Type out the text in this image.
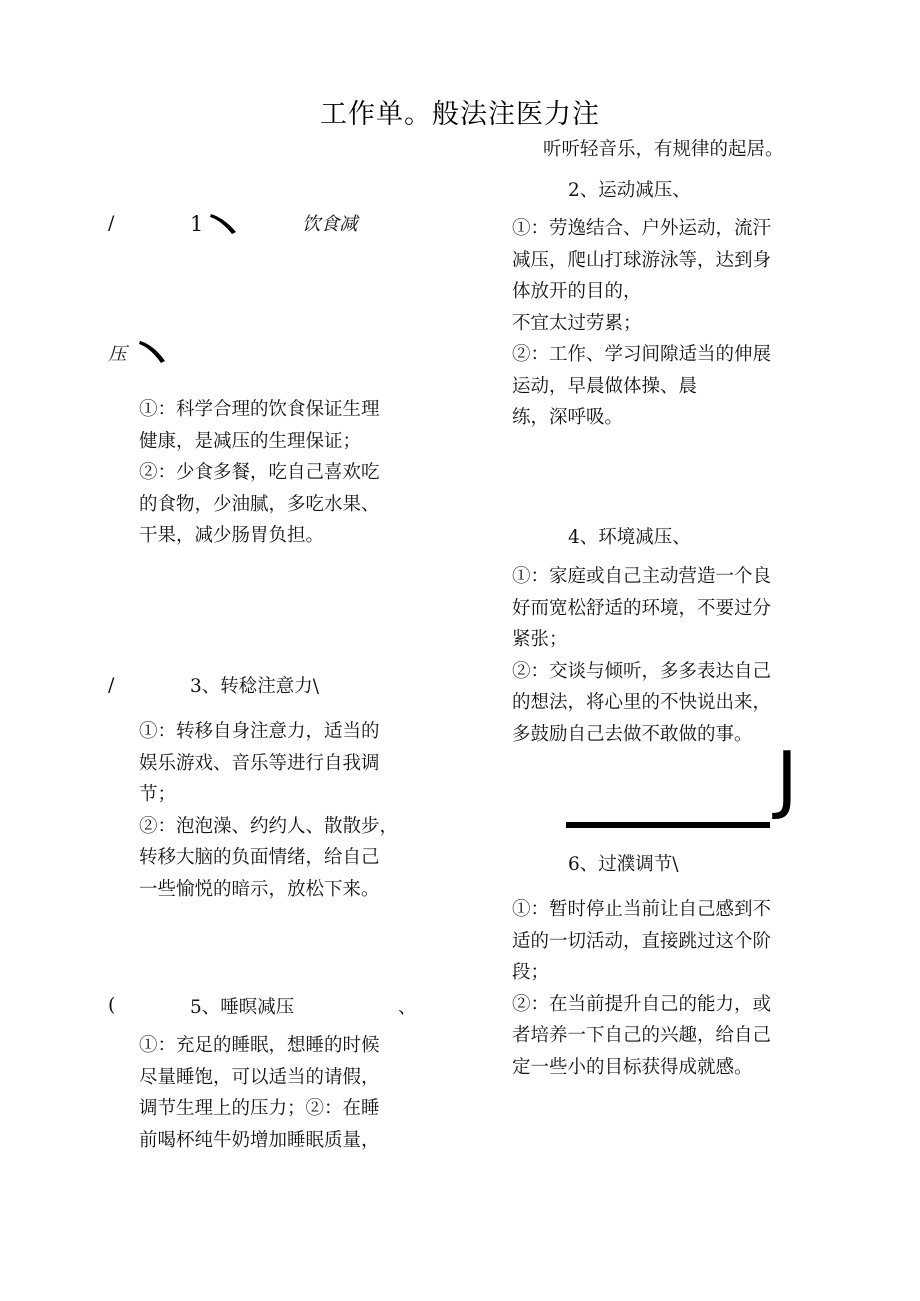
工作单。般法注医力注
听听轻音乐，有规律的起居。
/	1	饮食减
压

①：科学合理的饮食保证生理

健康，是减压的生理保证；

②：少食多餐，吃自己喜欢吃

的食物，少油腻，多吃水果、

干果，减少肠胃负担。

/	3、转稔注意力\

①：转移自身注意力，适当的

娱乐游戏、音乐等进行自我调

节；

②：泡泡澡、约约人、散散步，

转移大脑的负面情绪，给自己

一些愉悦的暗示，放松下来。

(	5、唾暝减压	、

①：充足的睡眠，想睡的时候

尽量睡饱，可以适当的请假，

调节生理上的压力；②：在睡

前喝杯纯牛奶增加睡眠质量，

2、运动减压、

①：劳逸结合、户外运动，流汗

减压，爬山打球游泳等，达到身

体放开的目的，

不宜太过劳累；

②：工作、学习间隙适当的伸展

运动，早晨做体操、晨

练，深呼吸。

4、环境减压、

①：家庭或自己主动营造一个良

好而宽松舒适的环境，不要过分

紧张；

②：交谈与倾听，多多表达自己

的想法，将心里的不快说出来，

多鼓励自己去做不敢做的事。

J
6、过濮调节\

①：暂时停止当前让自己感到不

适的一切活动，直接跳过这个阶

段；

②：在当前提升自己的能力，或

者培养一下自己的兴趣，给自己

定一些小的目标获得成就感。
